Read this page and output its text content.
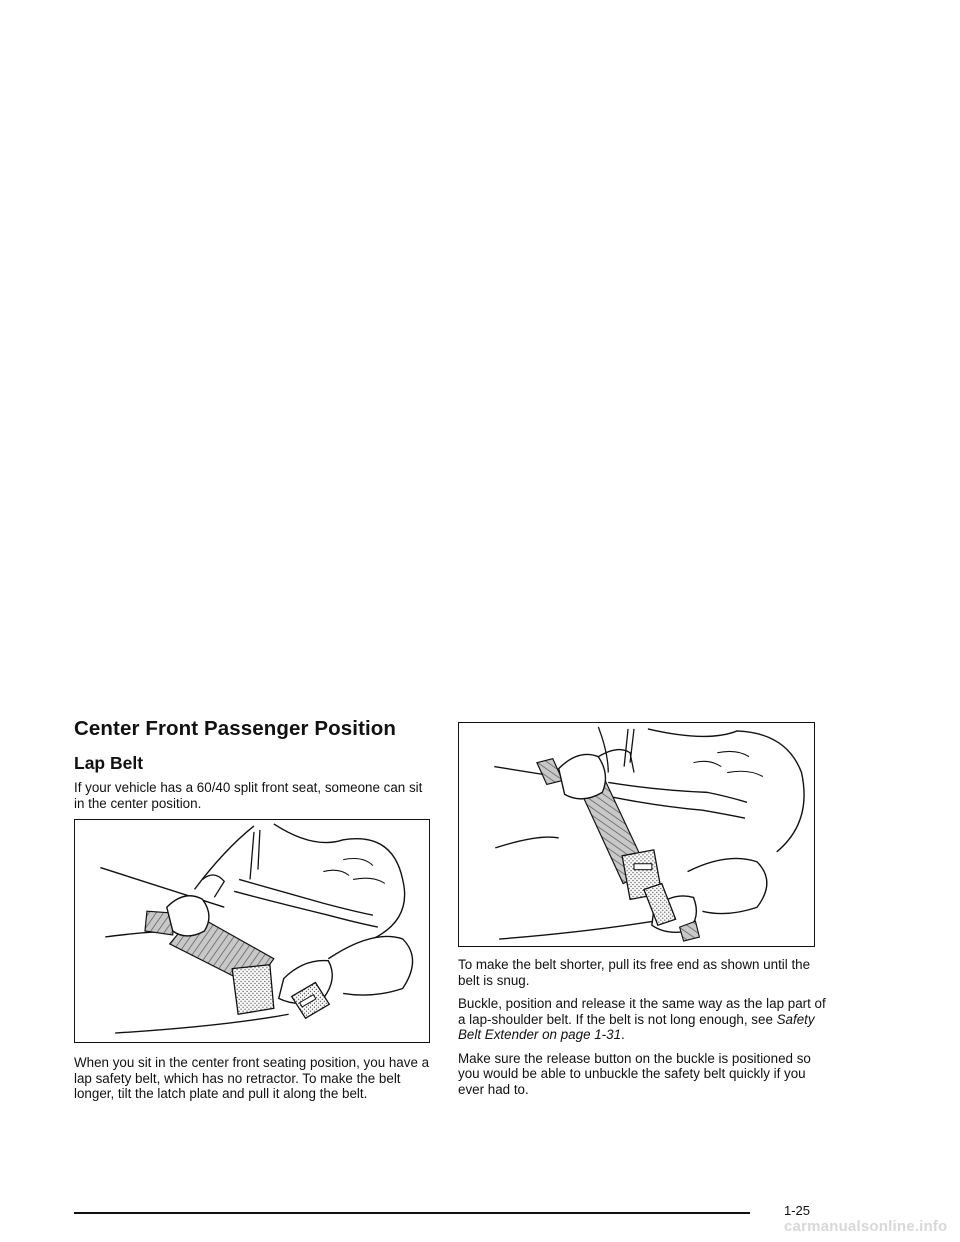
Center Front Passenger Position
Lap Belt

If your vehicle has a 60/40 split front seat, someone can sit in the center position.

When you sit in the center front seating position, you have a lap safety belt, which has no retractor. To make the belt longer, tilt the latch plate and pull it along the belt.

To make the belt shorter, pull its free end as shown until the belt is snug.

Buckle, position and release it the same way as the lap part of a lap-shoulder belt. If the belt is not long enough, see Safety Belt Extender on page 1-31.

Make sure the release button on the buckle is positioned so you would be able to unbuckle the safety belt quickly if you ever had to.

1-25
carmanualsonline.info
